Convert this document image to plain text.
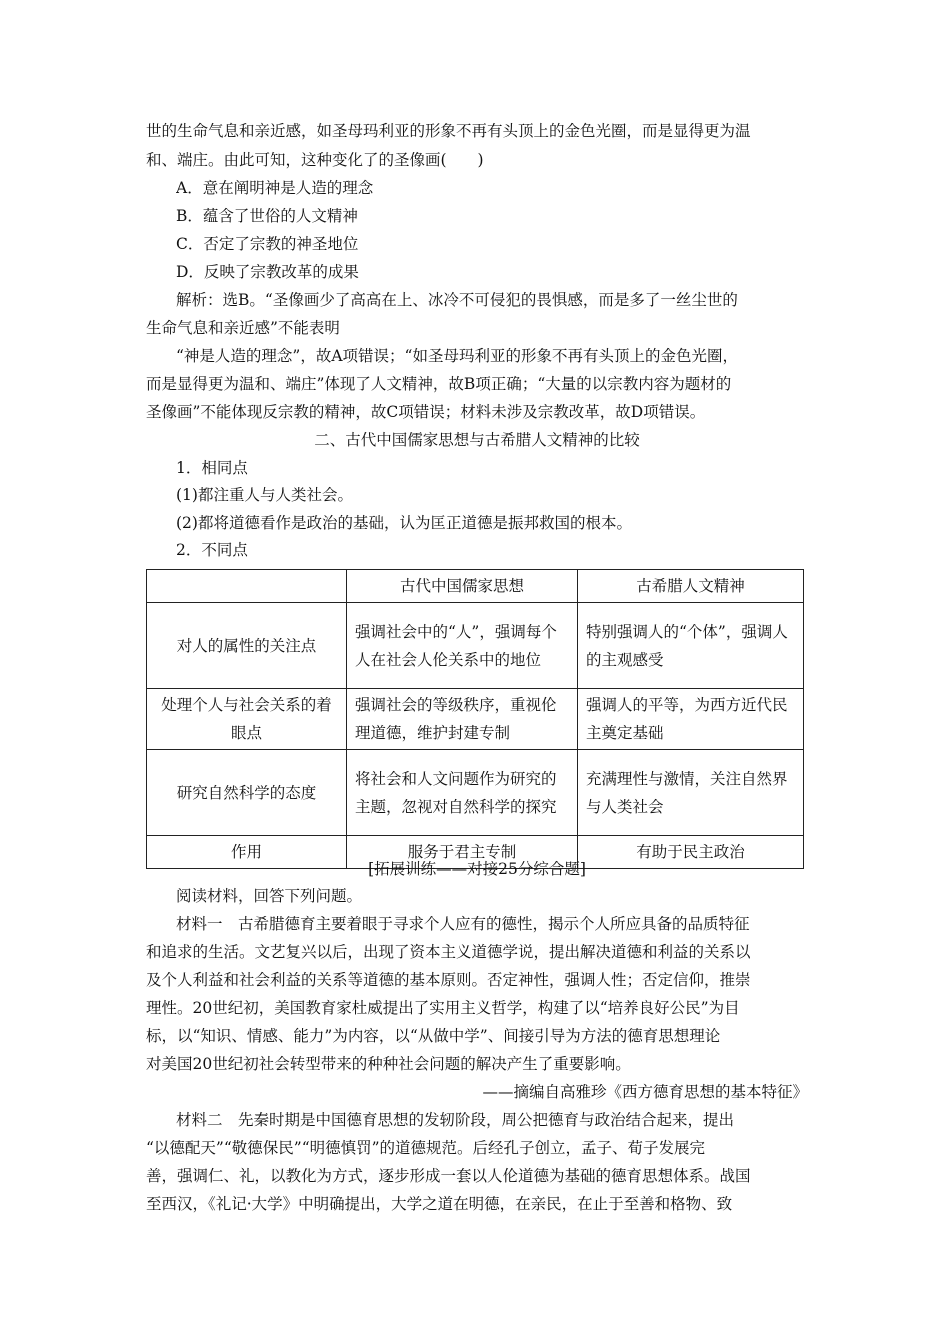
世的生命气息和亲近感，如圣母玛利亚的形象不再有头顶上的金色光圈，而是显得更为温
和、端庄。由此可知，这种变化了的圣像画(　　)
A．意在阐明神是人造的理念
B．蕴含了世俗的人文精神
C．否定了宗教的神圣地位
D．反映了宗教改革的成果
解析：选B。“圣像画少了高高在上、冰冷不可侵犯的畏惧感，而是多了一丝尘世的
生命气息和亲近感”不能表明
“神是人造的理念”，故A项错误；“如圣母玛利亚的形象不再有头顶上的金色光圈，
而是显得更为温和、端庄”体现了人文精神，故B项正确；“大量的以宗教内容为题材的
圣像画”不能体现反宗教的精神，故C项错误；材料未涉及宗教改革，故D项错误。
二、古代中国儒家思想与古希腊人文精神的比较
1．相同点
(1)都注重人与人类社会。
(2)都将道德看作是政治的基础，认为匡正道德是振邦救国的根本。
2．不同点
	古代中国儒家思想	古希腊人文精神
对人的属性的关注点	强调社会中的“人”，强调每个人在社会人伦关系中的地位	特别强调人的“个体”，强调人的主观感受
处理个人与社会关系的着眼点	强调社会的等级秩序，重视伦理道德，维护封建专制	强调人的平等，为西方近代民主奠定基础
研究自然科学的态度	将社会和人文问题作为研究的主题，忽视对自然科学的探究	充满理性与激情，关注自然界与人类社会
作用	服务于君主专制	有助于民主政治
[拓展训练——对接25分综合题]
阅读材料，回答下列问题。
材料一　古希腊德育主要着眼于寻求个人应有的德性，揭示个人所应具备的品质特征
和追求的生活。文艺复兴以后，出现了资本主义道德学说，提出解决道德和利益的关系以
及个人利益和社会利益的关系等道德的基本原则。否定神性，强调人性；否定信仰，推崇
理性。20世纪初，美国教育家杜威提出了实用主义哲学，构建了以“培养良好公民”为目
标，以“知识、情感、能力”为内容，以“从做中学”、间接引导为方法的德育思想理论
对美国20世纪初社会转型带来的种种社会问题的解决产生了重要影响。
——摘编自高雅珍《西方德育思想的基本特征》
材料二　先秦时期是中国德育思想的发轫阶段，周公把德育与政治结合起来，提出
“以德配天”“敬德保民”“明德慎罚”的道德规范。后经孔子创立，孟子、荀子发展完
善，强调仁、礼，以教化为方式，逐步形成一套以人伦道德为基础的德育思想体系。战国
至西汉，《礼记·大学》中明确提出，大学之道在明德，在亲民，在止于至善和格物、致
